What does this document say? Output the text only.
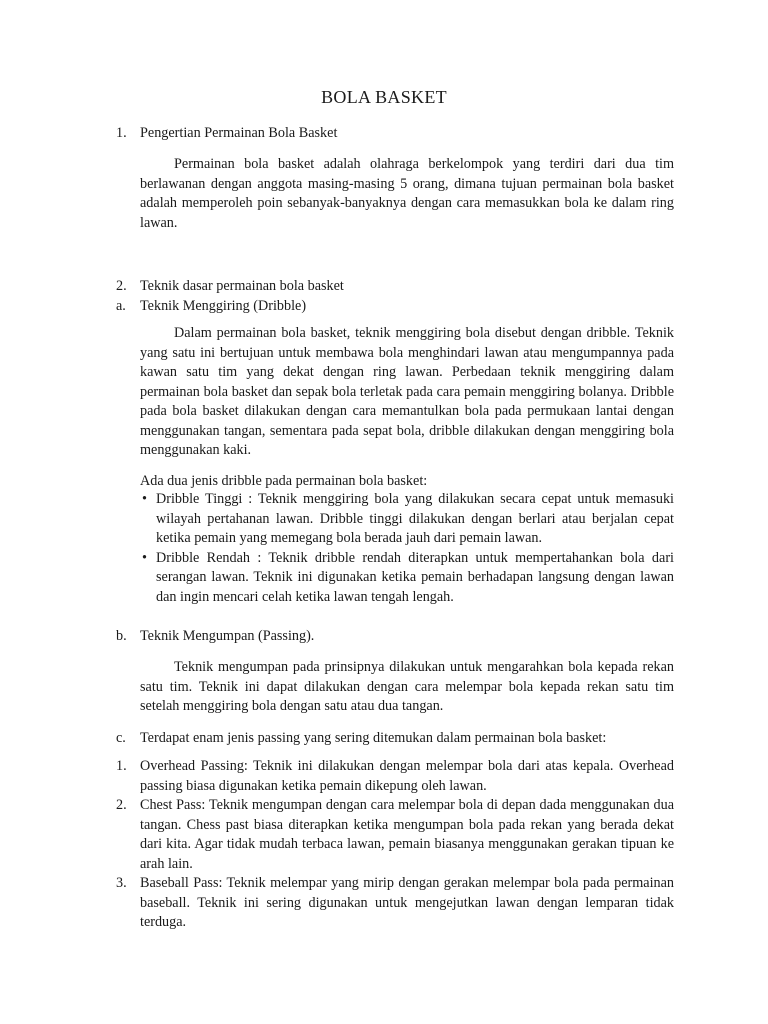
BOLA BASKET
1. Pengertian Permainan Bola Basket
Permainan bola basket adalah olahraga berkelompok yang terdiri dari dua tim berlawanan dengan anggota masing-masing 5 orang, dimana tujuan permainan bola basket adalah memperoleh poin sebanyak-banyaknya dengan cara memasukkan bola ke dalam ring lawan.
2. Teknik dasar permainan bola basket
a. Teknik Menggiring (Dribble)
Dalam permainan bola basket, teknik menggiring bola disebut dengan dribble. Teknik yang satu ini bertujuan untuk membawa bola menghindari lawan atau mengumpannya pada kawan satu tim yang dekat dengan ring lawan. Perbedaan teknik menggiring dalam permainan bola basket dan sepak bola terletak pada cara pemain menggiring bolanya. Dribble pada bola basket dilakukan dengan cara memantulkan bola pada permukaan lantai dengan menggunakan tangan, sementara pada sepat bola, dribble dilakukan dengan menggiring bola menggunakan kaki.
Ada dua jenis dribble pada permainan bola basket:
• Dribble Tinggi : Teknik menggiring bola yang dilakukan secara cepat untuk memasuki wilayah pertahanan lawan. Dribble tinggi dilakukan dengan berlari atau berjalan cepat ketika pemain yang memegang bola berada jauh dari pemain lawan.
• Dribble Rendah : Teknik dribble rendah diterapkan untuk mempertahankan bola dari serangan lawan. Teknik ini digunakan ketika pemain berhadapan langsung dengan lawan dan ingin mencari celah ketika lawan tengah lengah.
b. Teknik Mengumpan (Passing).
Teknik mengumpan pada prinsipnya dilakukan untuk mengarahkan bola kepada rekan satu tim. Teknik ini dapat dilakukan dengan cara melempar bola kepada rekan satu tim setelah menggiring bola dengan satu atau dua tangan.
c. Terdapat enam jenis passing yang sering ditemukan dalam permainan bola basket:
1. Overhead Passing: Teknik ini dilakukan dengan melempar bola dari atas kepala. Overhead passing biasa digunakan ketika pemain dikepung oleh lawan.
2. Chest Pass: Teknik mengumpan dengan cara melempar bola di depan dada menggunakan dua tangan. Chess past biasa diterapkan ketika mengumpan bola pada rekan yang berada dekat dari kita. Agar tidak mudah terbaca lawan, pemain biasanya menggunakan gerakan tipuan ke arah lain.
3. Baseball Pass: Teknik melempar yang mirip dengan gerakan melempar bola pada permainan baseball. Teknik ini sering digunakan untuk mengejutkan lawan dengan lemparan tidak terduga.
